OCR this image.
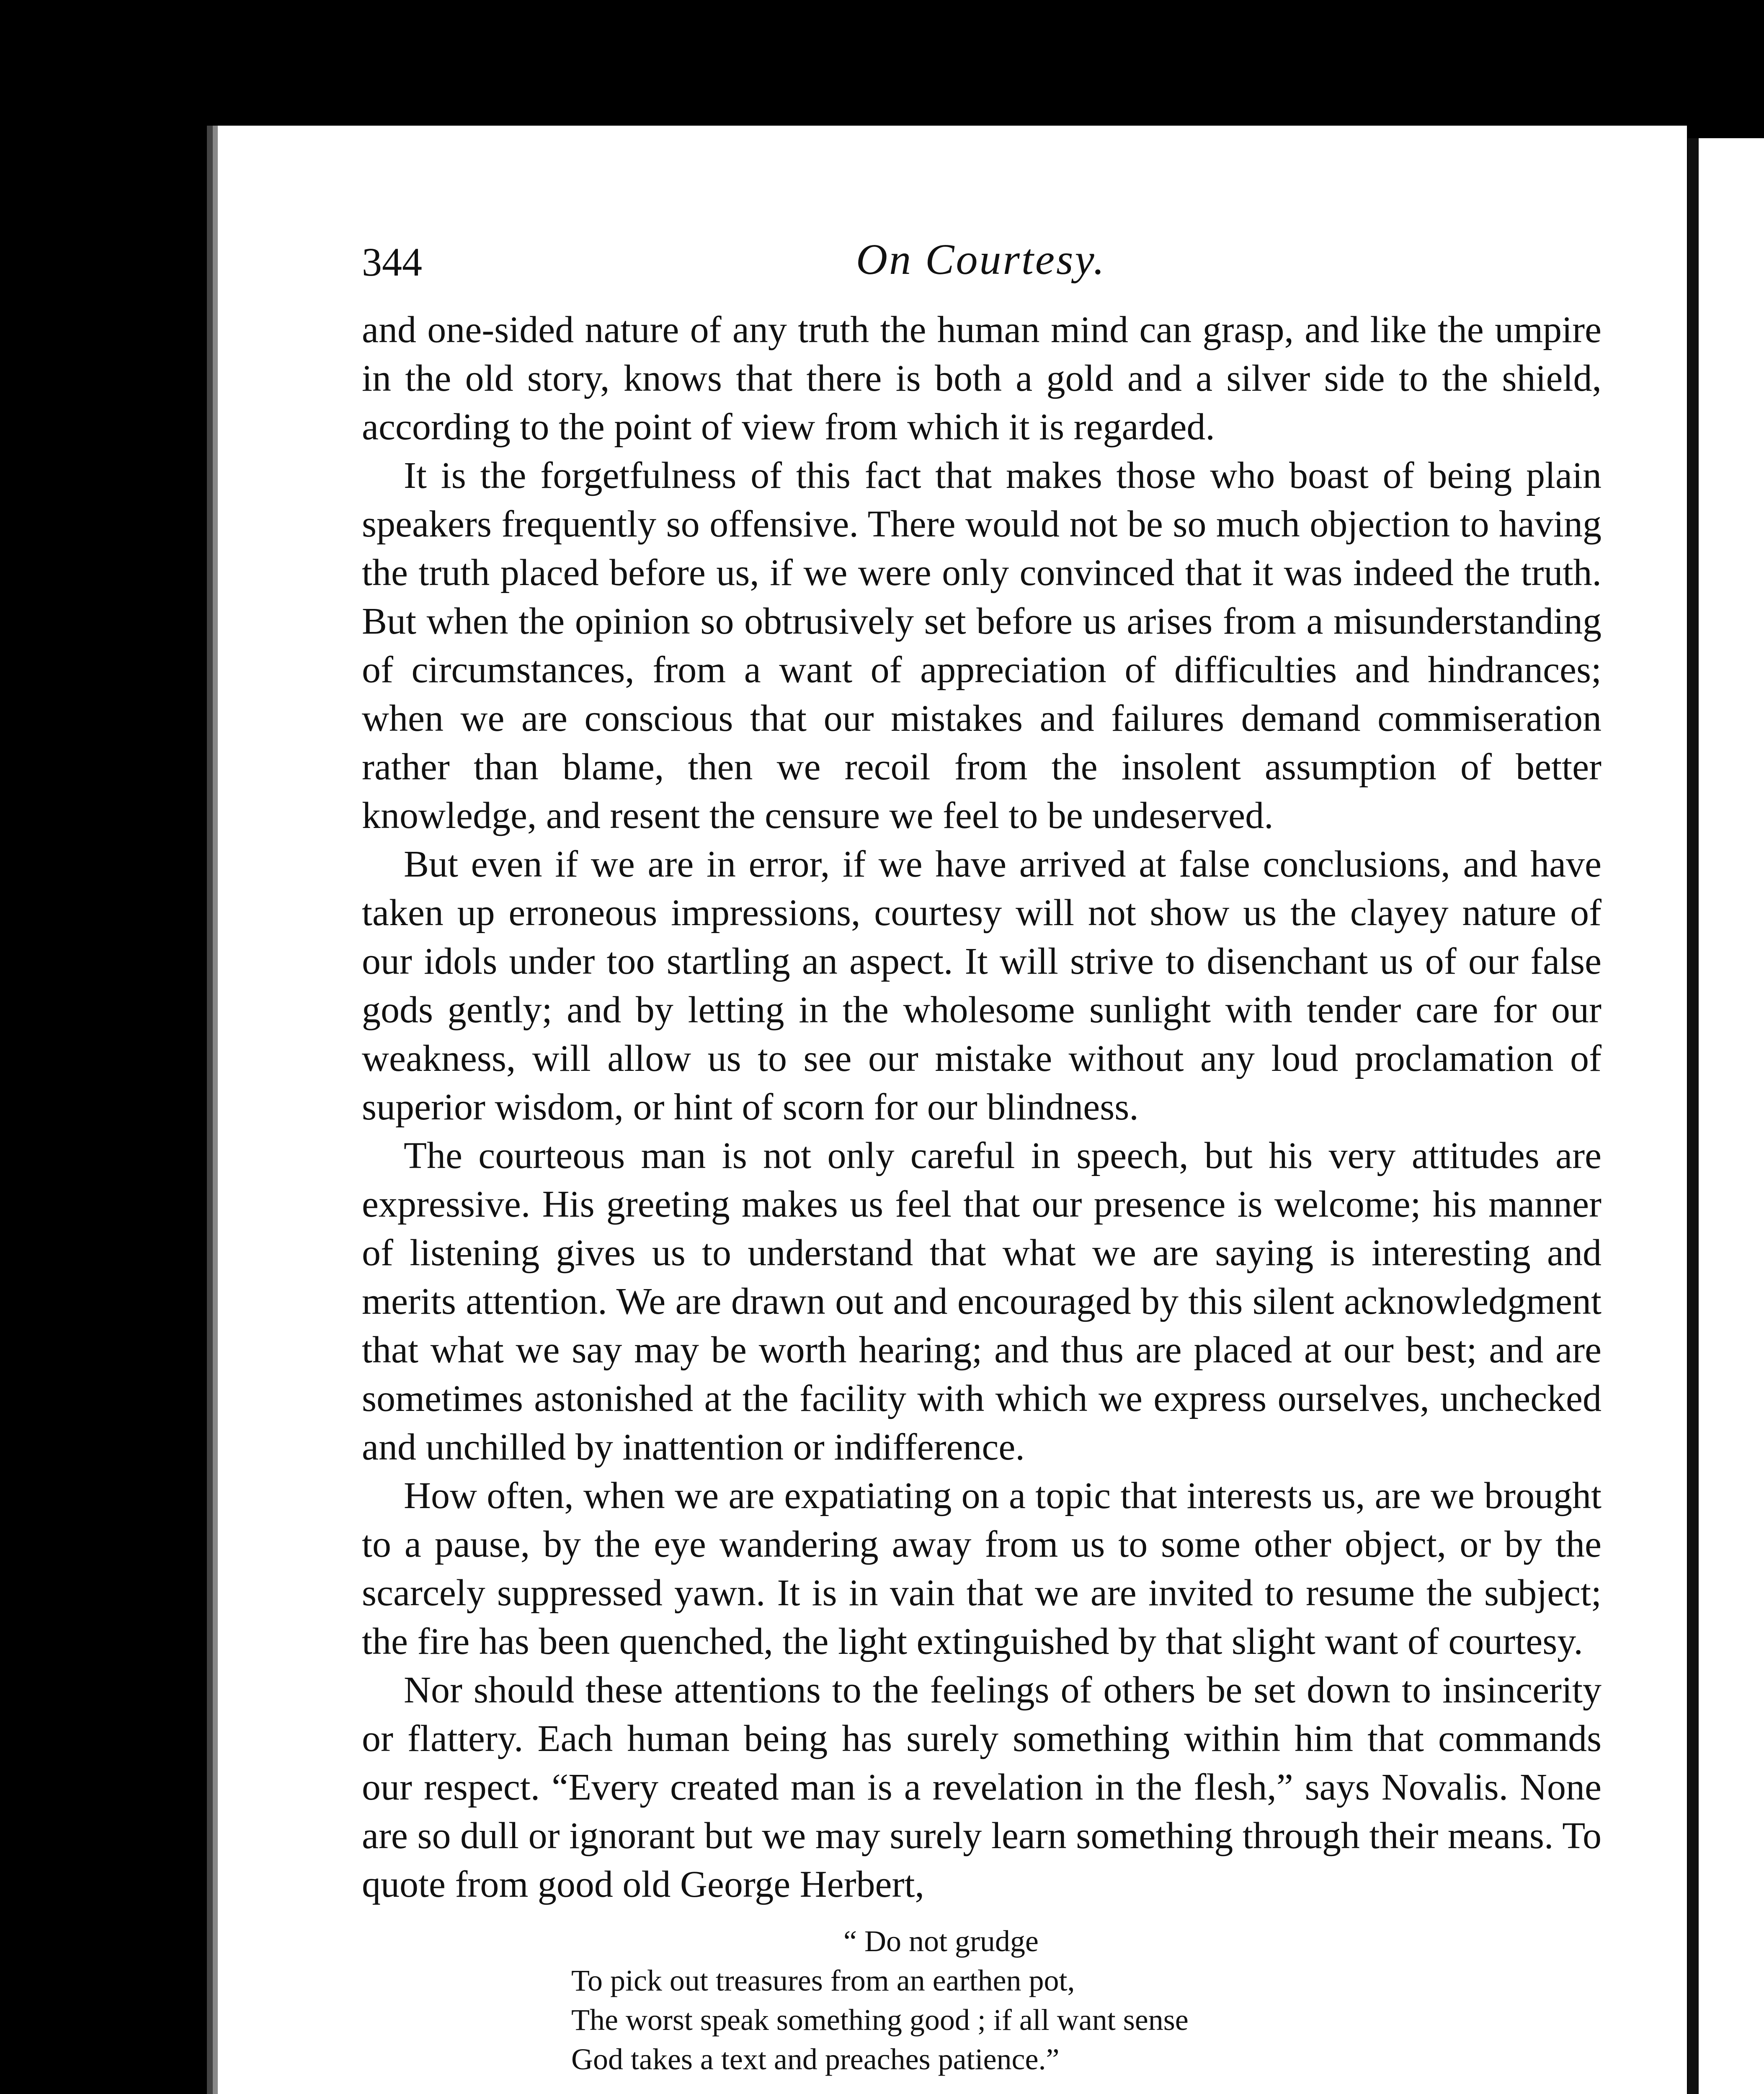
344	On Courtesy.

and one-sided nature of any truth the human mind can grasp, and like the umpire in the old story, knows that there is both a gold and a silver side to the shield, according to the point of view from which it is regarded.

It is the forgetfulness of this fact that makes those who boast of being plain speakers frequently so offensive. There would not be so much objection to having the truth placed before us, if we were only convinced that it was indeed the truth. But when the opinion so obtrusively set before us arises from a misunderstanding of circumstances, from a want of appreciation of difficulties and hindrances; when we are conscious that our mistakes and failures demand commiseration rather than blame, then we recoil from the insolent assumption of better knowledge, and resent the censure we feel to be undeserved.

But even if we are in error, if we have arrived at false conclusions, and have taken up erroneous impressions, courtesy will not show us the clayey nature of our idols under too startling an aspect. It will strive to disenchant us of our false gods gently; and by letting in the wholesome sunlight with tender care for our weakness, will allow us to see our mistake without any loud proclamation of superior wisdom, or hint of scorn for our blindness.

The courteous man is not only careful in speech, but his very attitudes are expressive. His greeting makes us feel that our presence is welcome; his manner of listening gives us to understand that what we are saying is interesting and merits attention. We are drawn out and encouraged by this silent acknowledgment that what we say may be worth hearing; and thus are placed at our best; and are sometimes astonished at the facility with which we express ourselves, unchecked and unchilled by inattention or indifference.

How often, when we are expatiating on a topic that interests us, are we brought to a pause, by the eye wandering away from us to some other object, or by the scarcely suppressed yawn. It is in vain that we are invited to resume the subject; the fire has been quenched, the light extinguished by that slight want of courtesy.

Nor should these attentions to the feelings of others be set down to insincerity or flattery. Each human being has surely something within him that commands our respect. “Every created man is a revelation in the flesh,” says Novalis. None are so dull or ignorant but we may surely learn something through their means. To quote from good old George Herbert,

“ Do not grudge
To pick out treasures from an earthen pot,
The worst speak something good ; if all want sense
God takes a text and preaches patience.”
